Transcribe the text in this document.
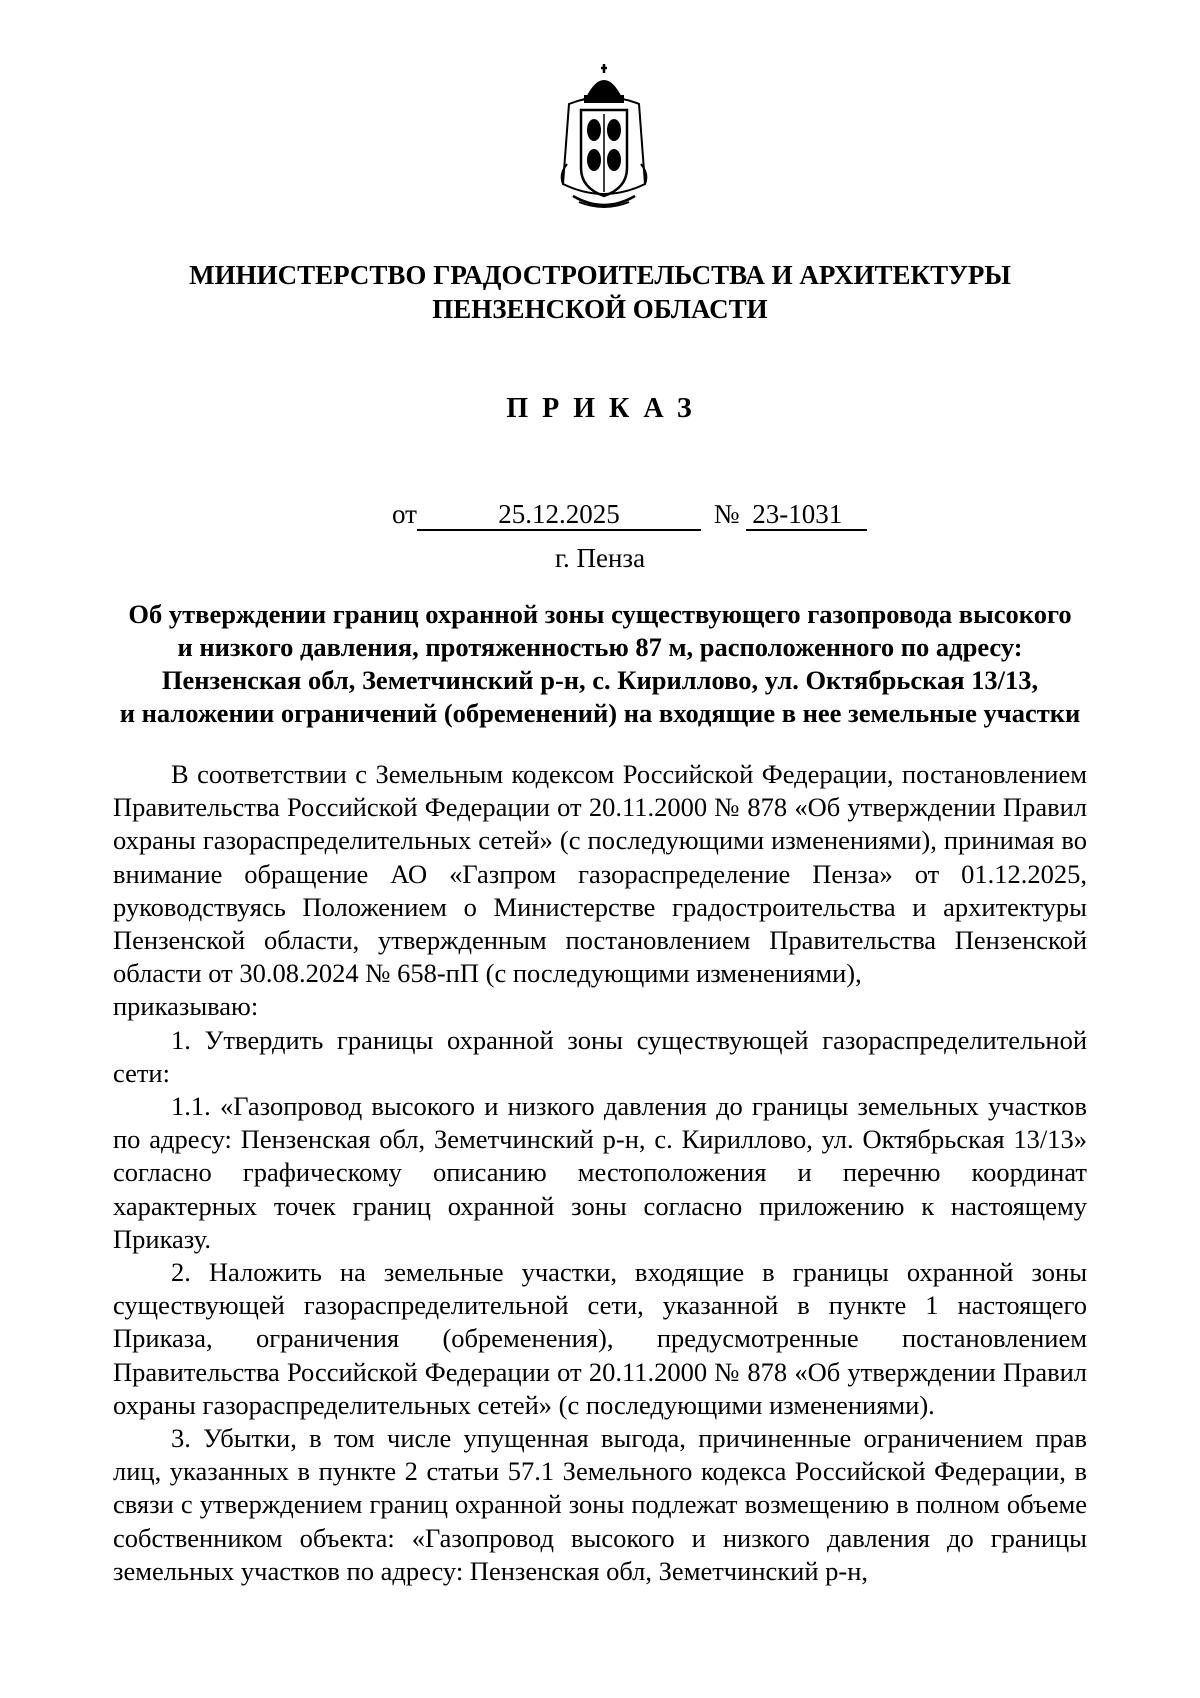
МИНИСТЕРСТВО ГРАДОСТРОИТЕЛЬСТВА И АРХИТЕКТУРЫ
ПЕНЗЕНСКОЙ ОБЛАСТИ
ПРИКАЗ
от	25.12.2025	№ 23-1031
г. Пенза
Об утверждении границ охранной зоны существующего газопровода высокого
и низкого давления, протяженностью 87 м, расположенного по адресу:
Пензенская обл, Земетчинский р-н, с. Кириллово, ул. Октябрьская 13/13,
и наложении ограничений (обременений) на входящие в нее земельные участки

В соответствии с Земельным кодексом Российской Федерации, постановлением Правительства Российской Федерации от 20.11.2000 № 878 «Об утверждении Правил охраны газораспределительных сетей» (с последующими изменениями), принимая во внимание обращение АО «Газпром газораспределение Пенза» от 01.12.2025, руководствуясь Положением о Министерстве градостроительства и архитектуры Пензенской области, утвержденным постановлением Правительства Пензенской области от 30.08.2024 № 658-пП (с последующими изменениями),

приказываю:

1. Утвердить границы охранной зоны существующей газораспределительной сети:

1.1. «Газопровод высокого и низкого давления до границы земельных участков по адресу: Пензенская обл, Земетчинский р-н, с. Кириллово, ул. Октябрьская 13/13» согласно графическому описанию местоположения и перечню координат характерных точек границ охранной зоны согласно приложению к настоящему Приказу.

2. Наложить на земельные участки, входящие в границы охранной зоны существующей газораспределительной сети, указанной в пункте 1 настоящего Приказа, ограничения (обременения), предусмотренные постановлением Правительства Российской Федерации от 20.11.2000 № 878 «Об утверждении Правил охраны газораспределительных сетей» (с последующими изменениями).

3. Убытки, в том числе упущенная выгода, причиненные ограничением прав лиц, указанных в пункте 2 статьи 57.1 Земельного кодекса Российской Федерации, в связи с утверждением границ охранной зоны подлежат возмещению в полном объеме собственником объекта: «Газопровод высокого и низкого давления до границы земельных участков по адресу: Пензенская обл, Земетчинский р-н,
